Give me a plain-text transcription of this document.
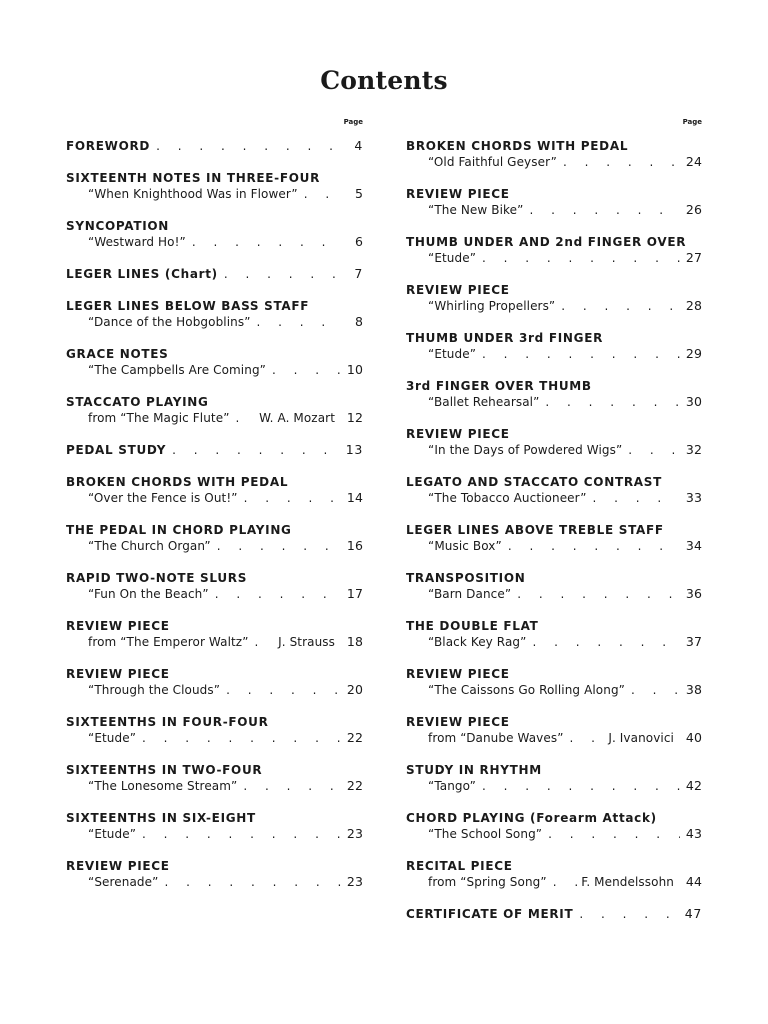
Contents
Page
FOREWORD . . .	4
SIXTEENTH NOTES IN THREE-FOUR
“When Knighthood Was in Flower” . . .	5
SYNCOPATION
“Westward Ho!” . . .	6
LEGER LINES (Chart) . . .	7
LEGER LINES BELOW BASS STAFF
“Dance of the Hobgoblins” . . .	8
GRACE NOTES
“The Campbells Are Coming” . . .	10
STACCATO PLAYING
from “The Magic Flute” . . .	W. A. Mozart 12
PEDAL STUDY . . .	13
BROKEN CHORDS WITH PEDAL
“Over the Fence is Out!” . . .	14
THE PEDAL IN CHORD PLAYING
“The Church Organ” . . .	16
RAPID TWO-NOTE SLURS
“Fun On the Beach” . . .	17
REVIEW PIECE
from “The Emperor Waltz” . . .	J. Strauss 18
REVIEW PIECE
“Through the Clouds” . . .	20
SIXTEENTHS IN FOUR-FOUR
“Etude” . . .	22
SIXTEENTHS IN TWO-FOUR
“The Lonesome Stream” . . .	22
SIXTEENTHS IN SIX-EIGHT
“Etude” . . .	23
REVIEW PIECE
“Serenade” . . .	23
Page
BROKEN CHORDS WITH PEDAL
“Old Faithful Geyser” . . .	24
REVIEW PIECE
“The New Bike” . . .	26
THUMB UNDER AND 2nd FINGER OVER
“Etude” . . .	27
REVIEW PIECE
“Whirling Propellers” . . .	28
THUMB UNDER 3rd FINGER
“Etude” . . .	29
3rd FINGER OVER THUMB
“Ballet Rehearsal” . . .	30
REVIEW PIECE
“In the Days of Powdered Wigs” . . .	32
LEGATO AND STACCATO CONTRAST
“The Tobacco Auctioneer” . . .	33
LEGER LINES ABOVE TREBLE STAFF
“Music Box” . . .	34
TRANSPOSITION
“Barn Dance” . . .	36
THE DOUBLE FLAT
“Black Key Rag” . . .	37
REVIEW PIECE
“The Caissons Go Rolling Along” . . .	38
REVIEW PIECE
from “Danube Waves” . . .	J. Ivanovici 40
STUDY IN RHYTHM
“Tango” . . .	42
CHORD PLAYING (Forearm Attack)
“The School Song” . . .	43
RECITAL PIECE
from “Spring Song” . . .	F. Mendelssohn 44
CERTIFICATE OF MERIT . . .	47
